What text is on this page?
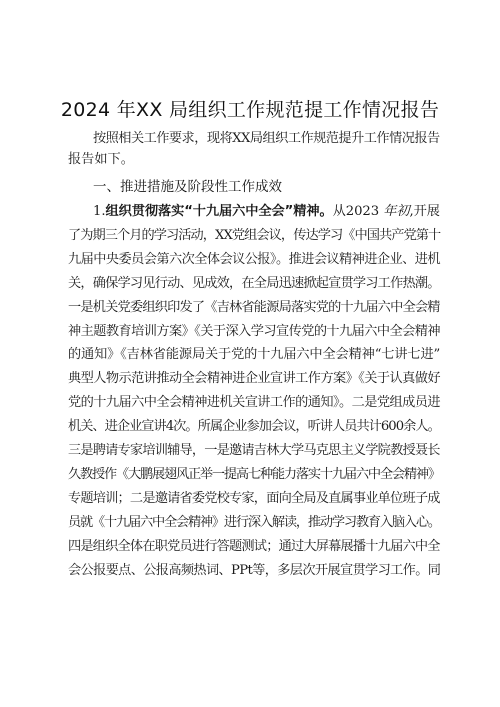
2024 年XX 局组织工作规范提工作情况报告
按照相关工作要求，现将XX局组织工作规范提升工作情况报告
报告如下。
一、推进措施及阶段性工作成效
1.组织贯彻落实“十九届六中全会”精神。从2023 年初,开展
了为期三个月的学习活动，XX党组会议，传达学习《中国共产党第十
九届中央委员会第六次全体会议公报》。推进会议精神进企业、进机
关，确保学习见行动、见成效，在全局迅速掀起宣贯学习工作热潮。
一是机关党委组织印发了《吉林省能源局落实党的十九届六中全会精
神主题教育培训方案》《关于深入学习宣传党的十九届六中全会精神
的通知》《吉林省能源局关于党的十九届六中全会精神“七讲七进”
典型人物示范讲推动全会精神进企业宣讲工作方案》《关于认真做好
党的十九届六中全会精神进机关宣讲工作的通知》。二是党组成员进
机关、进企业宣讲4次。所属企业参加会议，听讲人员共计600余人。
三是聘请专家培训辅导，一是邀请吉林大学马克思主义学院教授聂长
久教授作《大鹏展翅风正举一提高七种能力落实十九届六中全会精神》
专题培训；二是邀请省委党校专家，面向全局及直属事业单位班子成
员就《十九届六中全会精神》进行深入解读，推动学习教育入脑入心。
四是组织全体在职党员进行答题测试；通过大屏幕展播十九届六中全
会公报要点、公报高频热词、PPt等，多层次开展宣贯学习工作。同
